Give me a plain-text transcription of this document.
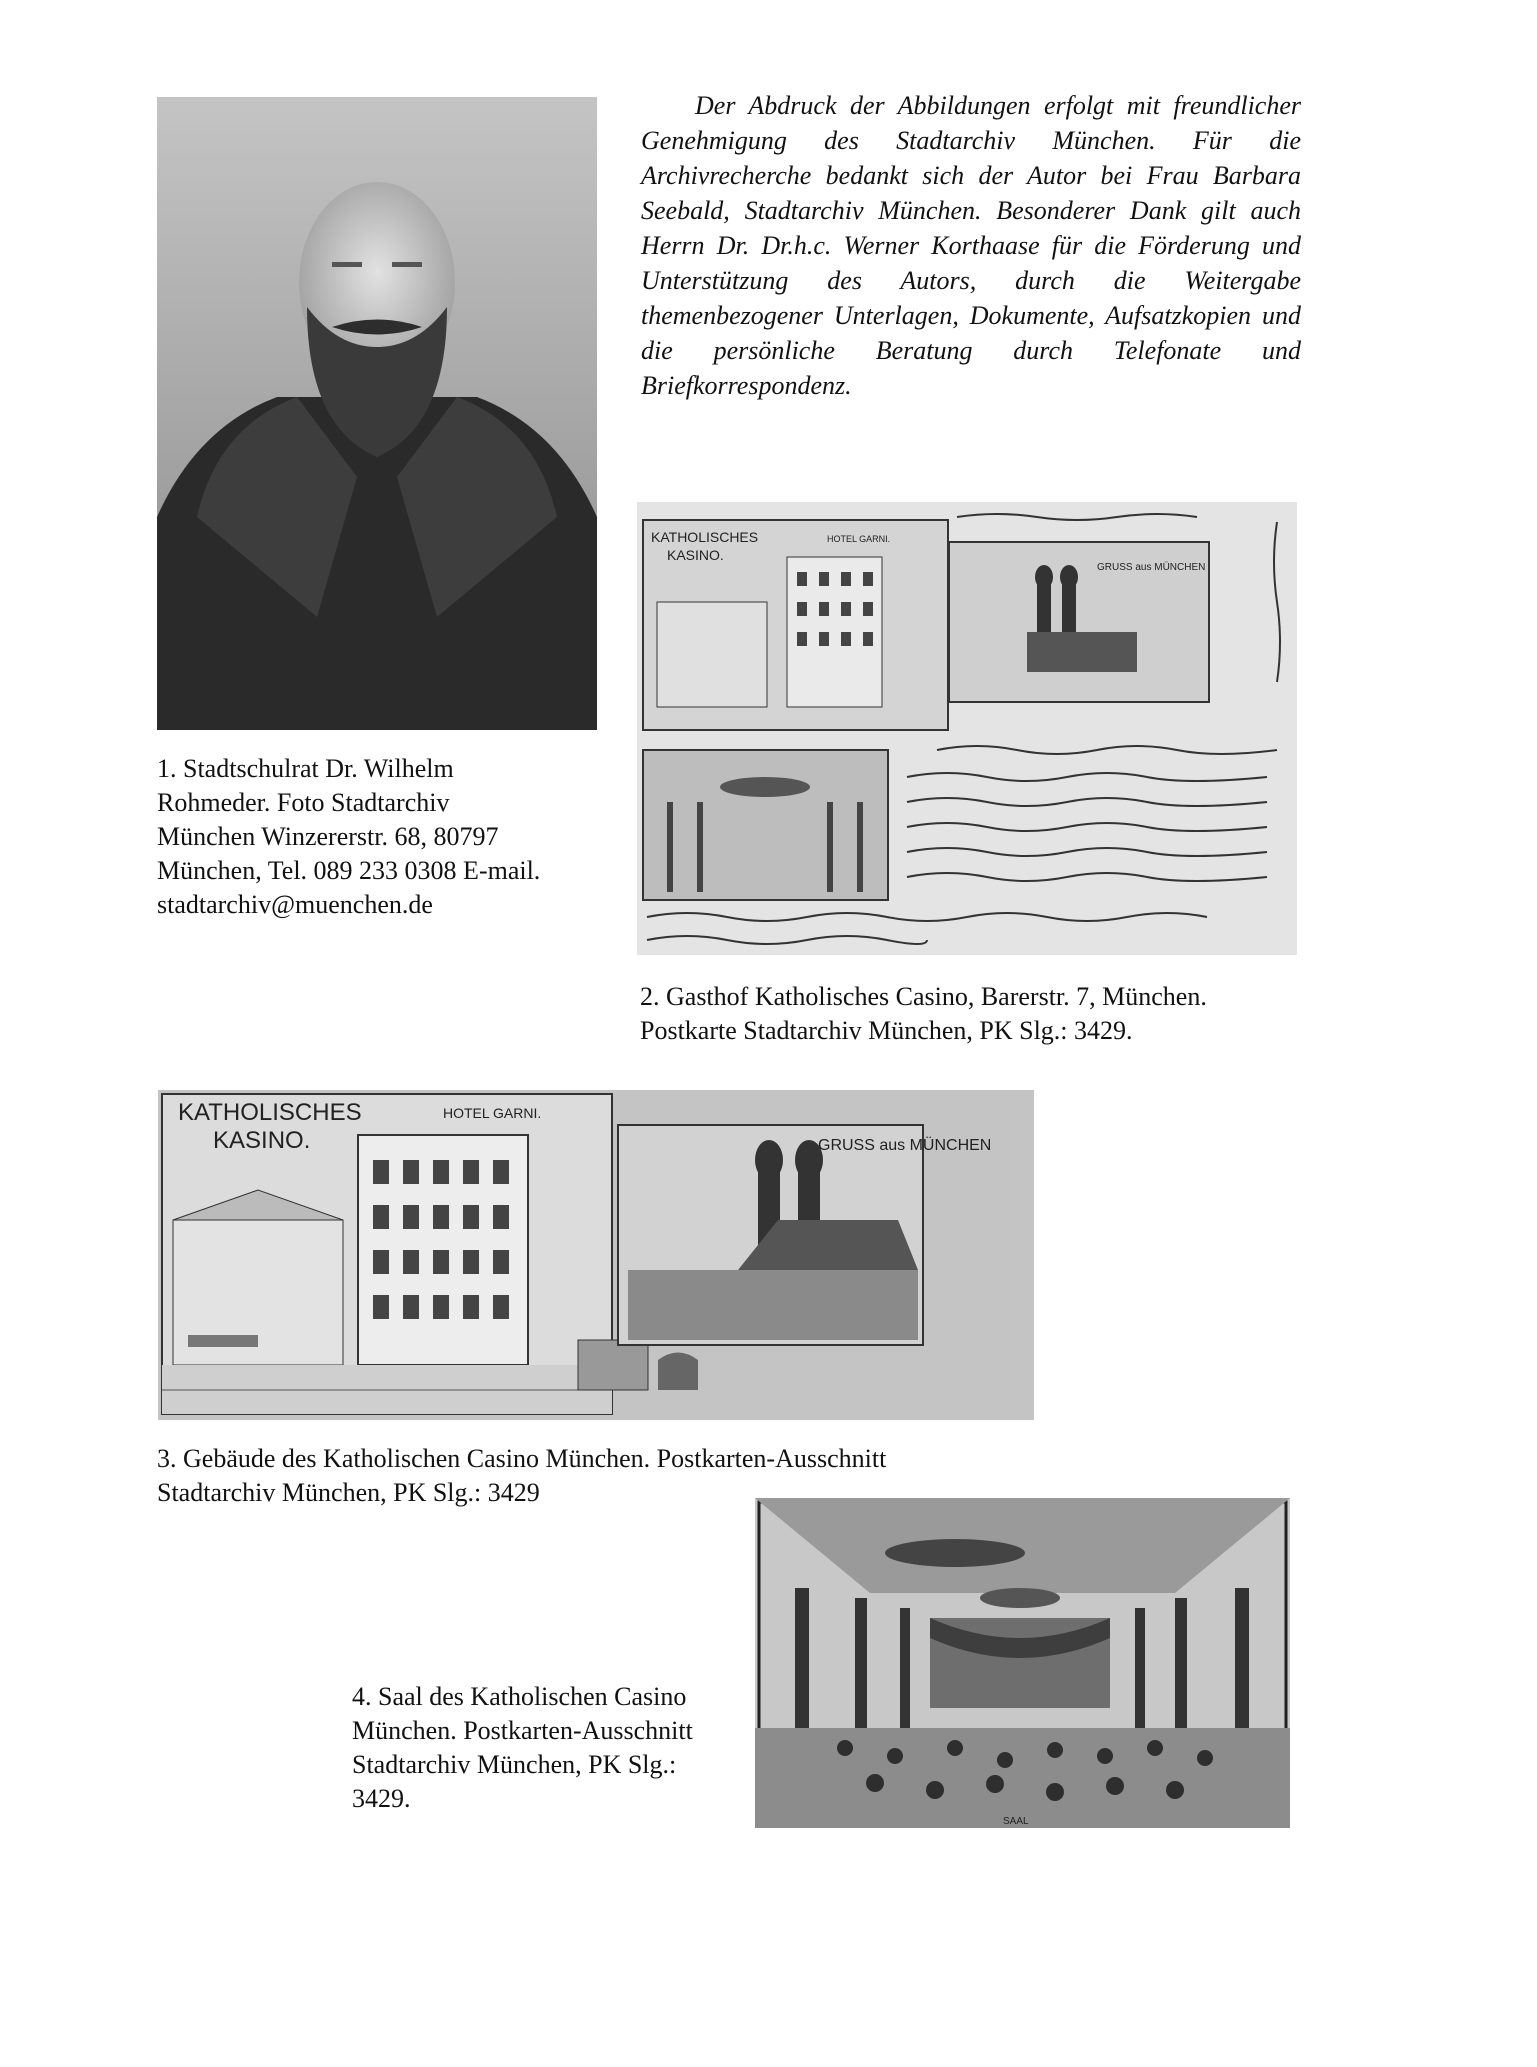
Der Abdruck der Abbildungen erfolgt mit freundlicher Genehmigung des Stadtarchiv München. Für die Archivrecherche bedankt sich der Autor bei Frau Barbara Seebald, Stadtarchiv München. Besonderer Dank gilt auch Herrn Dr. Dr.h.c. Werner Korthaase für die Förderung und Unterstützung des Autors, durch die Weitergabe themenbezogener Unterlagen, Dokumente, Aufsatzkopien und die persönliche Beratung durch Telefonate und Briefkorrespondenz.
1. Stadtschulrat Dr. Wilhelm
Rohmeder. Foto Stadtarchiv
München Winzererstr. 68, 80797
München, Tel. 089 233 0308 E-mail.
stadtarchiv@muenchen.de
KATHOLISCHES
KASINO.
HOTEL GARNI.
GRUSS aus MÜNCHEN
2. Gasthof Katholisches Casino, Barerstr. 7, München.
Postkarte Stadtarchiv München, PK Slg.: 3429.
KATHOLISCHES
KASINO.
HOTEL GARNI.
GRUSS aus MÜNCHEN
3. Gebäude des Katholischen Casino München. Postkarten-Ausschnitt
Stadtarchiv München, PK Slg.: 3429
SAAL
4. Saal des Katholischen Casino
München. Postkarten-Ausschnitt
Stadtarchiv München, PK Slg.:
3429.
